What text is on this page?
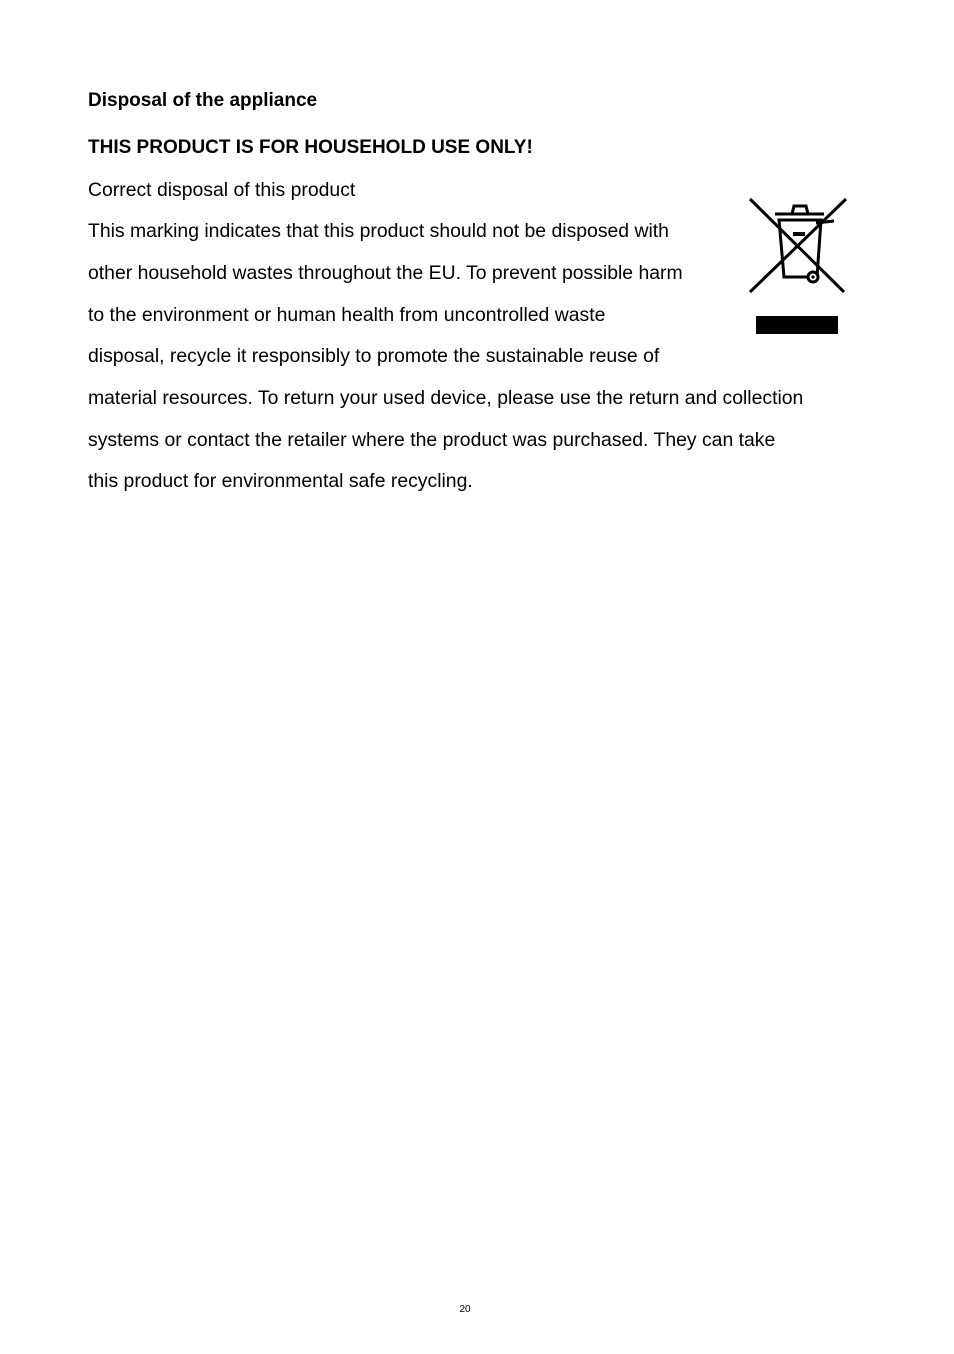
Disposal of the appliance
THIS PRODUCT IS FOR HOUSEHOLD USE ONLY!

Correct disposal of this product

This marking indicates that this product should not be disposed with

other household wastes throughout the EU. To prevent possible harm

to the environment or human health from uncontrolled waste

disposal, recycle it responsibly to promote the sustainable reuse of

material resources. To return your used device, please use the return and collection

systems or contact the retailer where the product was purchased. They can take

this product for environmental safe recycling.

20
